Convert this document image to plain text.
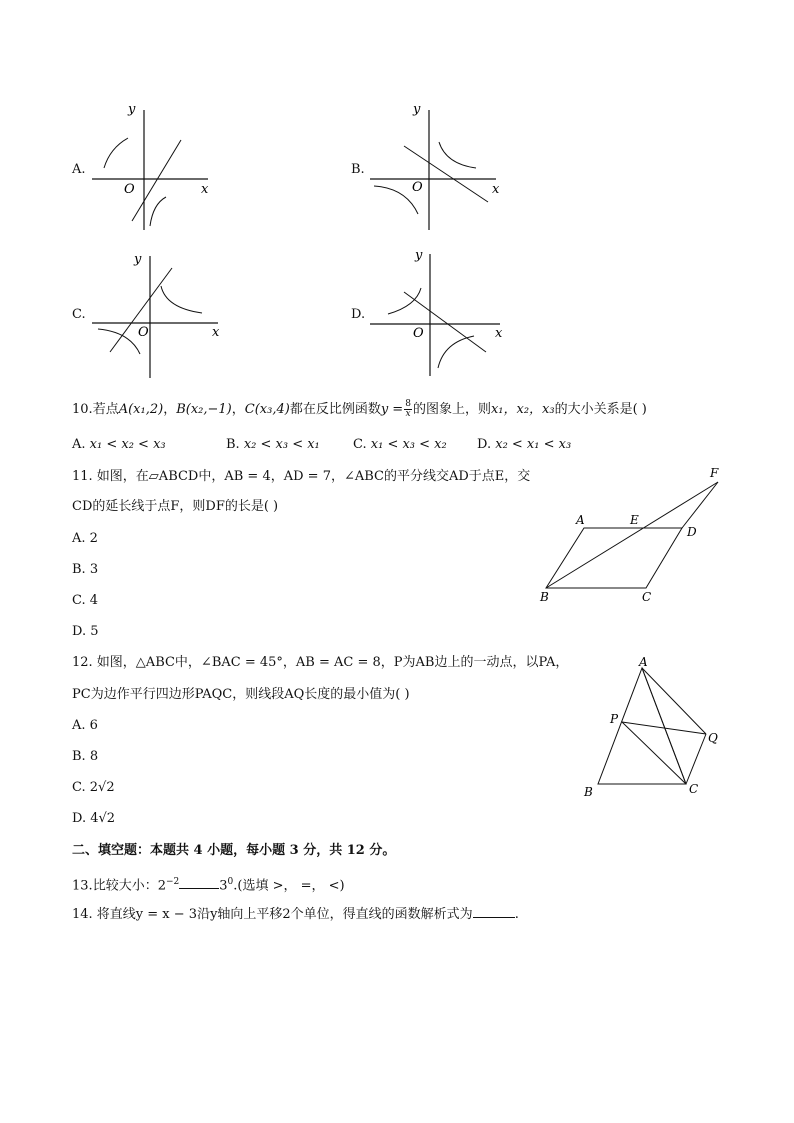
A.
x
y
O
B.
x
y
O
C.
x
y
O
D.
x
y
O
10.若点A(x₁,2)，B(x₂,−1)，C(x₃,4)都在反比例函数$y = \frac{8}{x}$ 的图象上，则x₁，x₂，x₃的大小关系是( )
A. x₁ < x₂ < x₃	B. x₂ < x₃ < x₁	C. x₁ < x₃ < x₂ D. x₂ < x₁ < x₃
11. 如图，在▱ABCD中，AB = 4，AD = 7，∠ABC的平分线交AD于点E，交
CD的延长线于点F，则DF的长是( )
A. 2
B. 3
C. 4
D. 5
A
B	C
D
E
F
12. 如图，△ABC中，∠BAC = 45°，AB = AC = 8，P为AB边上的一动点，以PA，
PC为边作平行四边形PAQC，则线段AQ长度的最小值为( )
A. 6
B. 8
C. 2√2
D. 4√2
A
B	C
P
Q
二、填空题：本题共 4 小题，每小题 3 分，共 12 分。
13.比较大小：$2^{-2}$	$3^0$.(选填 >， =， <)
14. 将直线y = x − 3沿y轴向上平移2个单位，得直线的函数解析式为	.
